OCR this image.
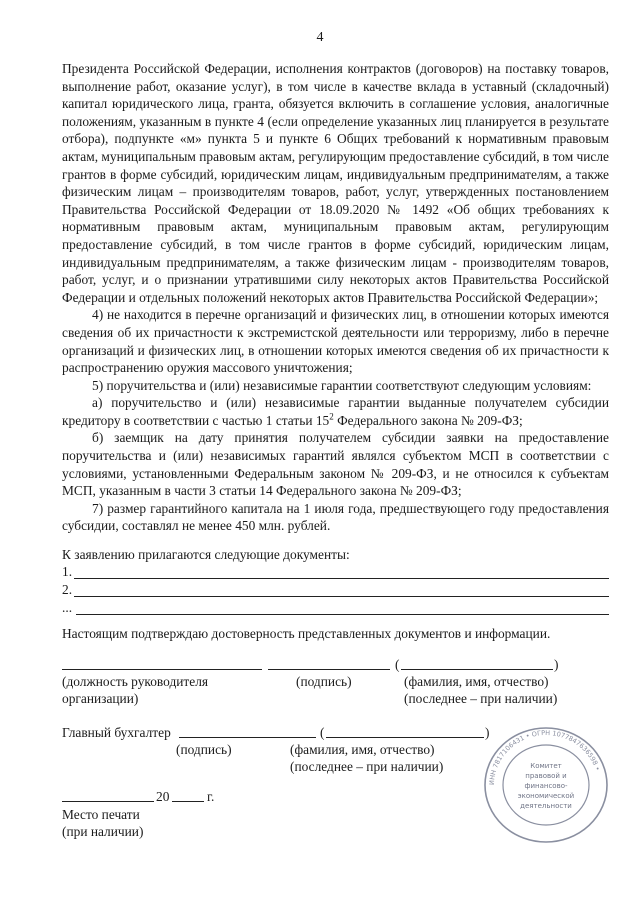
4

Президента Российской Федерации, исполнения контрактов (договоров) на поставку товаров, выполнение работ, оказание услуг), в том числе в качестве вклада в уставный (складочный) капитал юридического лица, гранта, обязуется включить в соглашение условия, аналогичные положениям, указанным в пункте 4 (если определение указанных лиц планируется в результате отбора), подпункте «м» пункта 5 и пункте 6 Общих требований к нормативным правовым актам, муниципальным правовым актам, регулирующим предоставление субсидий, в том числе грантов в форме субсидий, юридическим лицам, индивидуальным предпринимателям, а также физическим лицам – производителям товаров, работ, услуг, утвержденных постановлением Правительства Российской Федерации от 18.09.2020 № 1492 «Об общих требованиях к нормативным правовым актам, муниципальным правовым актам, регулирующим предоставление субсидий, в том числе грантов в форме субсидий, юридическим лицам, индивидуальным предпринимателям, а также физическим лицам - производителям товаров, работ, услуг, и о признании утратившими силу некоторых актов Правительства Российской Федерации и отдельных положений некоторых актов Правительства Российской Федерации»;

4) не находится в перечне организаций и физических лиц, в отношении которых имеются сведения об их причастности к экстремистской деятельности или терроризму, либо в перечне организаций и физических лиц, в отношении которых имеются сведения об их причастности к распространению оружия массового уничтожения;

5) поручительства и (или) независимые гарантии соответствуют следующим условиям:

а) поручительство и (или) независимые гарантии выданные получателем субсидии кредитору в соответствии с частью 1 статьи $15^2$ Федерального закона № 209-ФЗ;

б) заемщик на дату принятия получателем субсидии заявки на предоставление поручительства и (или) независимых гарантий являлся субъектом МСП в соответствии с условиями, установленными Федеральным законом № 209-ФЗ, и не относился к субъектам МСП, указанным в части 3 статьи 14 Федерального закона № 209-ФЗ;

7) размер гарантийного капитала на 1 июля года, предшествующего году предоставления субсидии, составлял не менее 450 млн. рублей.

К заявлению прилагаются следующие документы:
1.
2.
...
Настоящим подтверждаю достоверность представленных документов и информации.
(	)
(должность руководителя
организации)
(подпись)	(фамилия, имя, отчество)
(последнее – при наличии)
Главный бухгалтер	(	)
(подпись)	(фамилия, имя, отчество)
(последнее – при наличии)
20	г.
Место печати
(при наличии)
ИНН 7817106431 • ОГРН 1077847636598 •
Комитет
правовой и
финансово-
экономической
деятельности
